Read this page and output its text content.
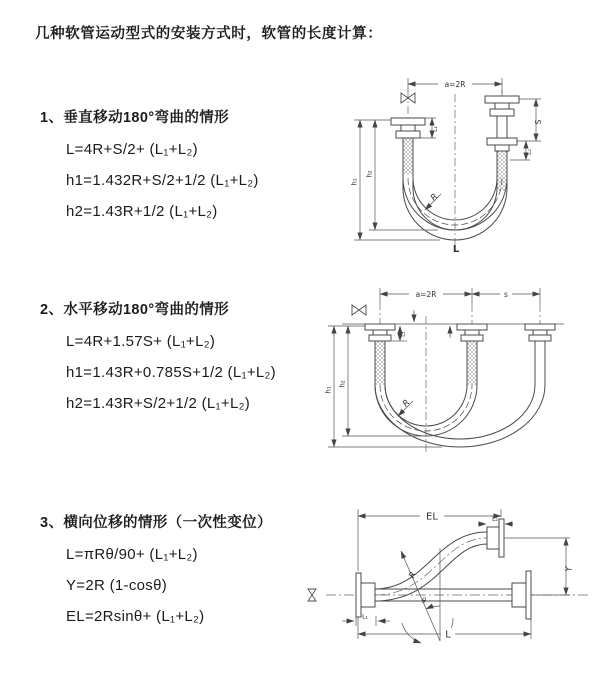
几种软管运动型式的安装方式时，软管的长度计算：
1、垂直移动180°弯曲的情形
L=4R+S/2+ (L₁+L₂)
h1=1.432R+S/2+1/2 (L₁+L₂)
h2=1.43R+1/2 (L₁+L₂)
2、水平移动180°弯曲的情形
L=4R+1.57S+ (L₁+L₂)
h1=1.43R+0.785S+1/2 (L₁+L₂)
h2=1.43R+S/2+1/2 (L₁+L₂)
3、横向位移的情形（一次性变位）
L=πRθ/90+ (L₁+L₂)
Y=2R (1-cosθ)
EL=2Rsinθ+ (L₁+L₂)
a=2R
S
L₂
L₁
h₁
h₂
R
L
a=2R	s
h₁
h₂
L₁
R
EL	L₂
Y
L
R
θ
L₁
